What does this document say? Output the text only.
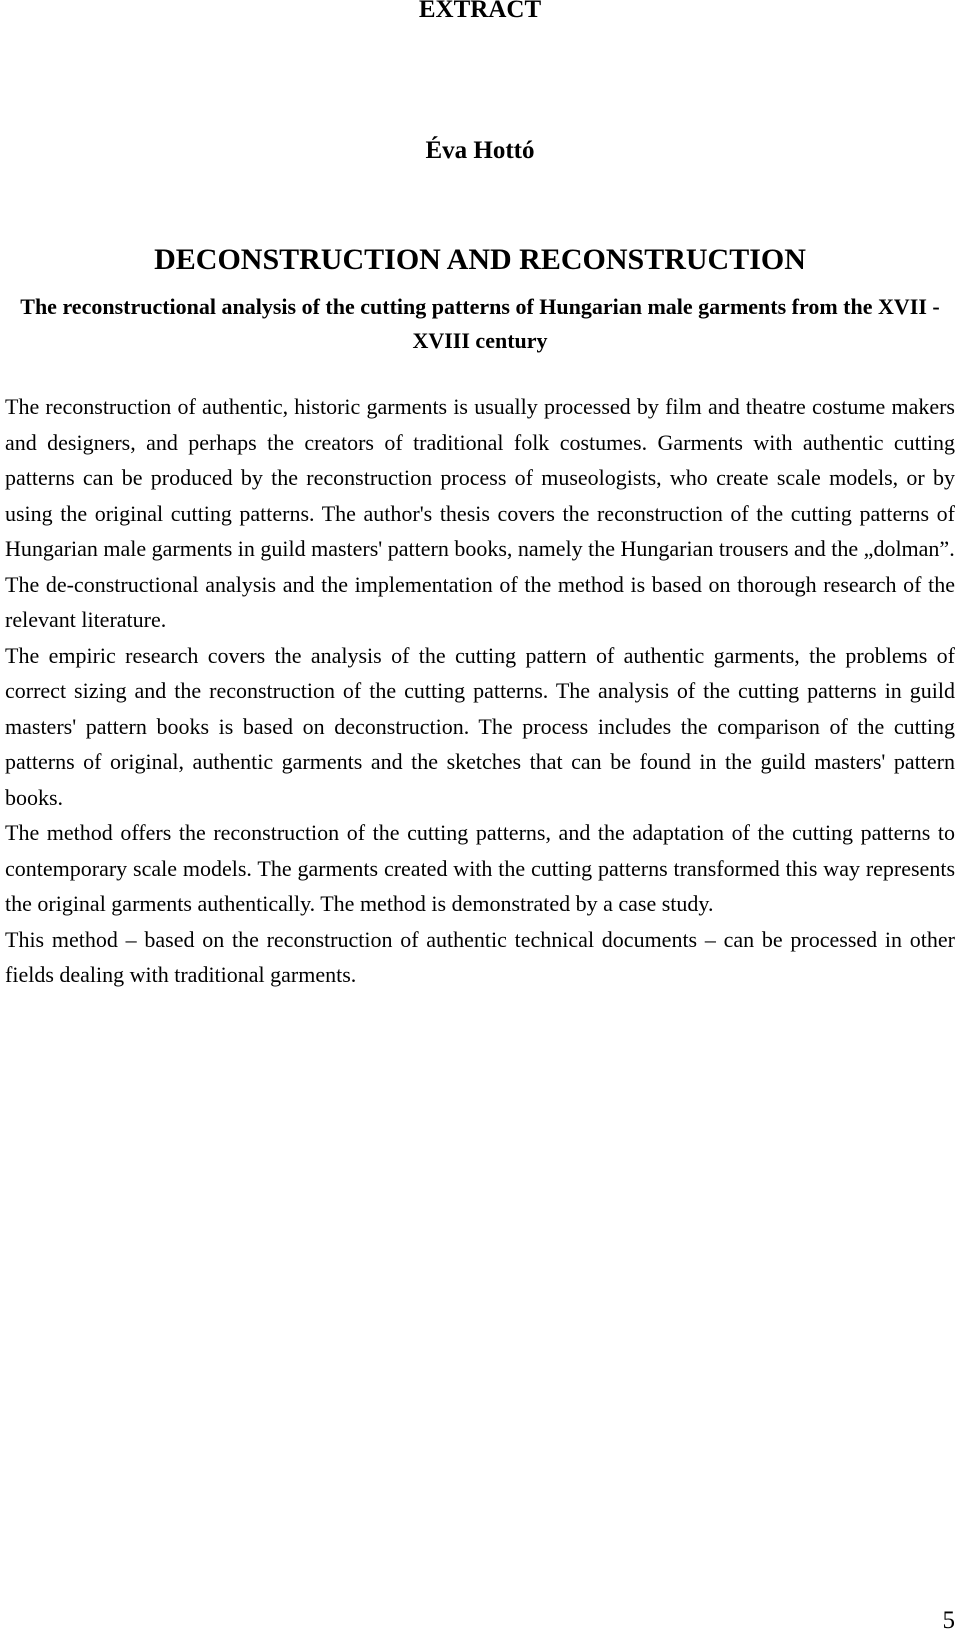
EXTRACT
Éva Hottó
DECONSTRUCTION AND RECONSTRUCTION
The reconstructional analysis of the cutting patterns of Hungarian male garments from the XVII - XVIII century

The reconstruction of authentic, historic garments is usually processed by film and theatre costume makers and designers, and perhaps the creators of traditional folk costumes. Garments with authentic cutting patterns can be produced by the reconstruction process of museologists, who create scale models, or by using the original cutting patterns. The author's thesis covers the reconstruction of the cutting patterns of Hungarian male garments in guild masters' pattern books, namely the Hungarian trousers and the „dolman”.

The de-constructional analysis and the implementation of the method is based on thorough research of the relevant literature.

The empiric research covers the analysis of the cutting pattern of authentic garments, the problems of correct sizing and the reconstruction of the cutting patterns. The analysis of the cutting patterns in guild masters' pattern books is based on deconstruction. The process includes the comparison of the cutting patterns of original, authentic garments and the sketches that can be found in the guild masters' pattern books.

The method offers the reconstruction of the cutting patterns, and the adaptation of the cutting patterns to contemporary scale models. The garments created with the cutting patterns transformed this way represents the original garments authentically. The method is demonstrated by a case study.

This method – based on the reconstruction of authentic technical documents – can be processed in other fields dealing with traditional garments.

5
